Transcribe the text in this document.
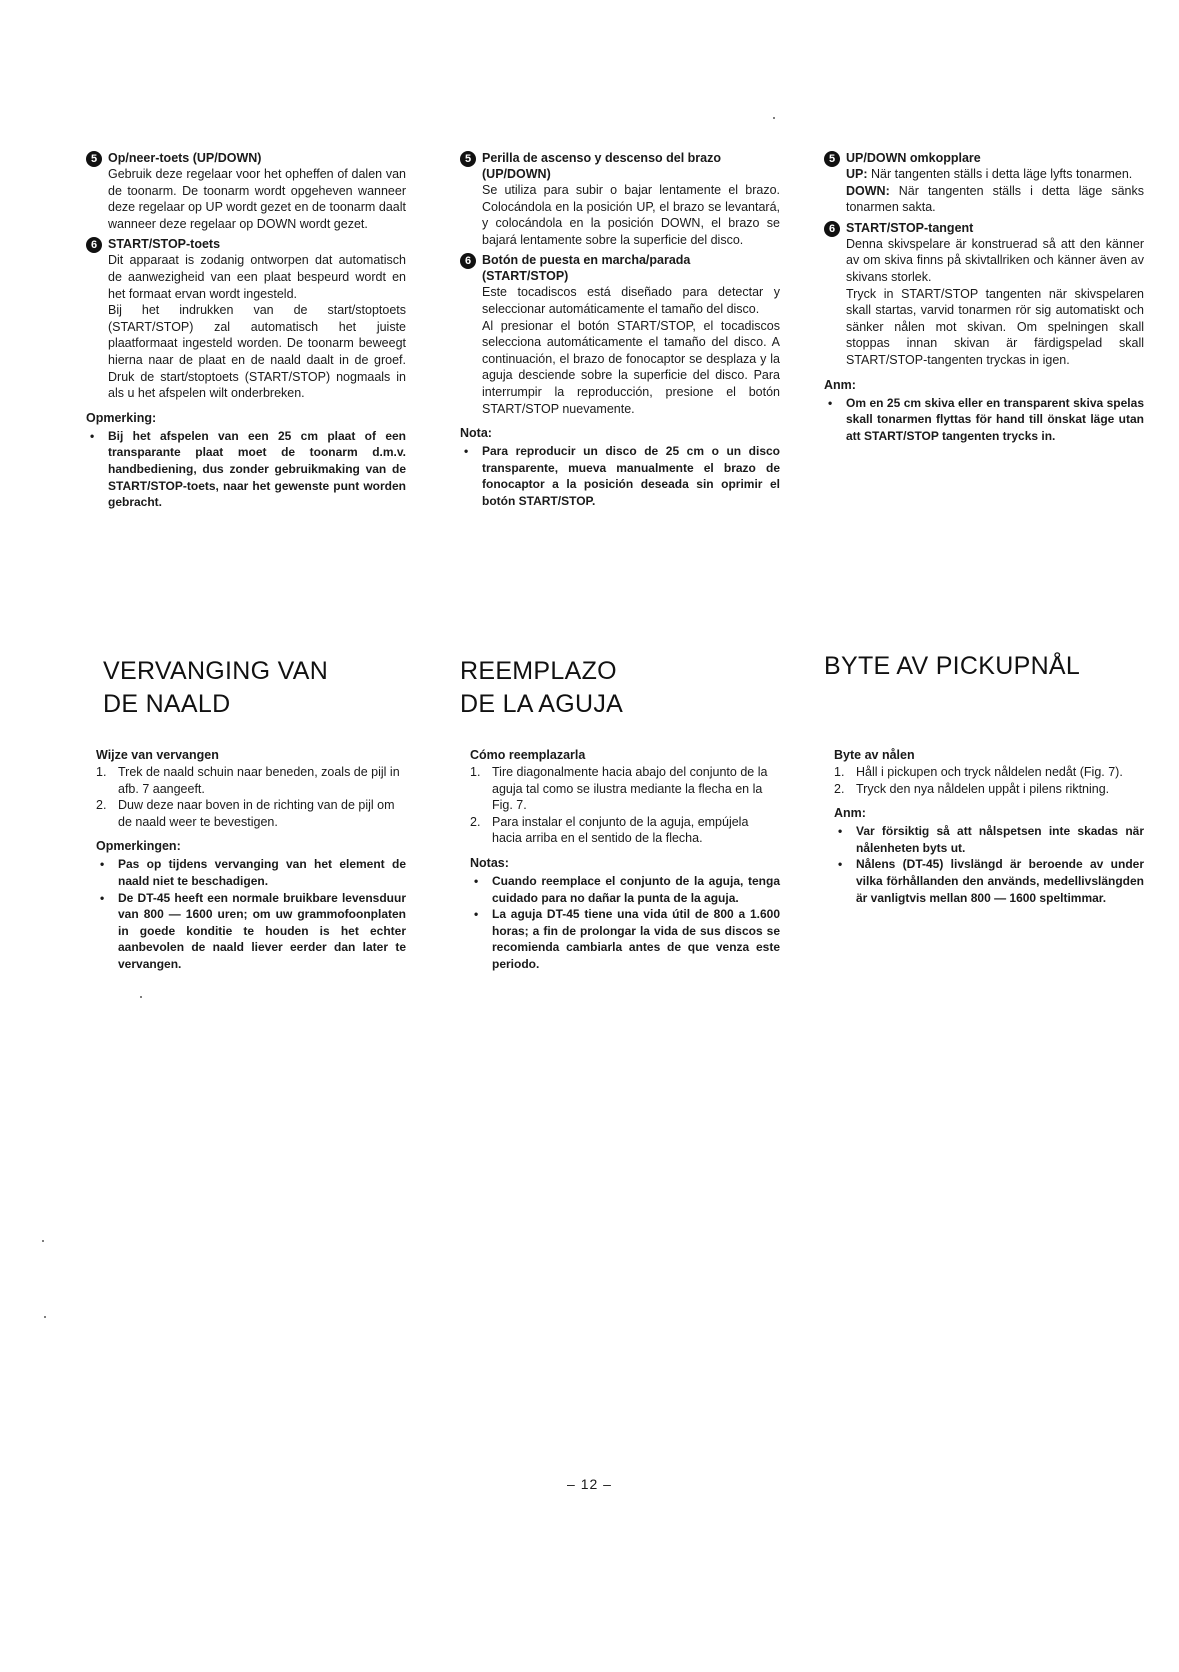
5 Op/neer-toets (UP/DOWN)

Gebruik deze regelaar voor het opheffen of dalen van de toonarm. De toonarm wordt opgeheven wanneer deze regelaar op UP wordt gezet en de toonarm daalt wanneer deze regelaar op DOWN wordt gezet.

6 START/STOP-toets

Dit apparaat is zodanig ontworpen dat automatisch de aanwezigheid van een plaat bespeurd wordt en het formaat ervan wordt ingesteld.

Bij het indrukken van de start/stoptoets (START/STOP) zal automatisch het juiste plaatformaat ingesteld worden. De toonarm beweegt hierna naar de plaat en de naald daalt in de groef. Druk de start/stoptoets (START/STOP) nogmaals in als u het afspelen wilt onderbreken.

Opmerking:
• Bij het afspelen van een 25 cm plaat of een transparante plaat moet de toonarm d.m.v. handbediening, dus zonder gebruikmaking van de START/STOP-toets, naar het gewenste punt worden gebracht.
5 Perilla de ascenso y descenso del brazo (UP/DOWN)

Se utiliza para subir o bajar lentamente el brazo. Colocándola en la posición UP, el brazo se levantará, y colocándola en la posición DOWN, el brazo se bajará lentamente sobre la superficie del disco.

6 Botón de puesta en marcha/parada (START/STOP)

Este tocadiscos está diseñado para detectar y seleccionar automáticamente el tamaño del disco.

Al presionar el botón START/STOP, el tocadiscos selecciona automáticamente el tamaño del disco. A continuación, el brazo de fonocaptor se desplaza y la aguja desciende sobre la superficie del disco. Para interrumpir la reproducción, presione el botón START/STOP nuevamente.

Nota:
• Para reproducir un disco de 25 cm o un disco transparente, mueva manualmente el brazo de fonocaptor a la posición deseada sin oprimir el botón START/STOP.
5 UP/DOWN omkopplare

UP: När tangenten ställs i detta läge lyfts tonarmen.

DOWN: När tangenten ställs i detta läge sänks tonarmen sakta.

6 START/STOP-tangent

Denna skivspelare är konstruerad så att den känner av om skiva finns på skivtallriken och känner även av skivans storlek.

Tryck in START/STOP tangenten när skivspelaren skall startas, varvid tonarmen rör sig automatiskt och sänker nålen mot skivan. Om spelningen skall stoppas innan skivan är färdigspelad skall START/STOP-tangenten tryckas in igen.

Anm:
• Om en 25 cm skiva eller en transparent skiva spelas skall tonarmen flyttas för hand till önskat läge utan att START/STOP tangenten trycks in.
VERVANGING VAN
DE NAALD
REEMPLAZO
DE LA AGUJA
BYTE AV PICKUPNÅL
Wijze van vervangen
1. Trek de naald schuin naar beneden, zoals de pijl in afb. 7 aangeeft.
2. Duw deze naar boven in de richting van de pijl om de naald weer te bevestigen.
Opmerkingen:
• Pas op tijdens vervanging van het element de naald niet te beschadigen.
• De DT-45 heeft een normale bruikbare levensduur van 800 — 1600 uren; om uw grammofoonplaten in goede konditie te houden is het echter aanbevolen de naald liever eerder dan later te vervangen.
Cómo reemplazarla
1. Tire diagonalmente hacia abajo del conjunto de la aguja tal como se ilustra mediante la flecha en la Fig. 7.
2. Para instalar el conjunto de la aguja, empújela hacia arriba en el sentido de la flecha.
Notas:
• Cuando reemplace el conjunto de la aguja, tenga cuidado para no dañar la punta de la aguja.
• La aguja DT-45 tiene una vida útil de 800 a 1.600 horas; a fin de prolongar la vida de sus discos se recomienda cambiarla antes de que venza este periodo.
Byte av nålen
1. Håll i pickupen och tryck nåldelen nedåt (Fig. 7).
2. Tryck den nya nåldelen uppåt i pilens riktning.
Anm:
• Var försiktig så att nålspetsen inte skadas när nålenheten byts ut.
• Nålens (DT-45) livslängd är beroende av under vilka förhållanden den används, medellivslängden är vanligtvis mellan 800 — 1600 speltimmar.
– 12 –
